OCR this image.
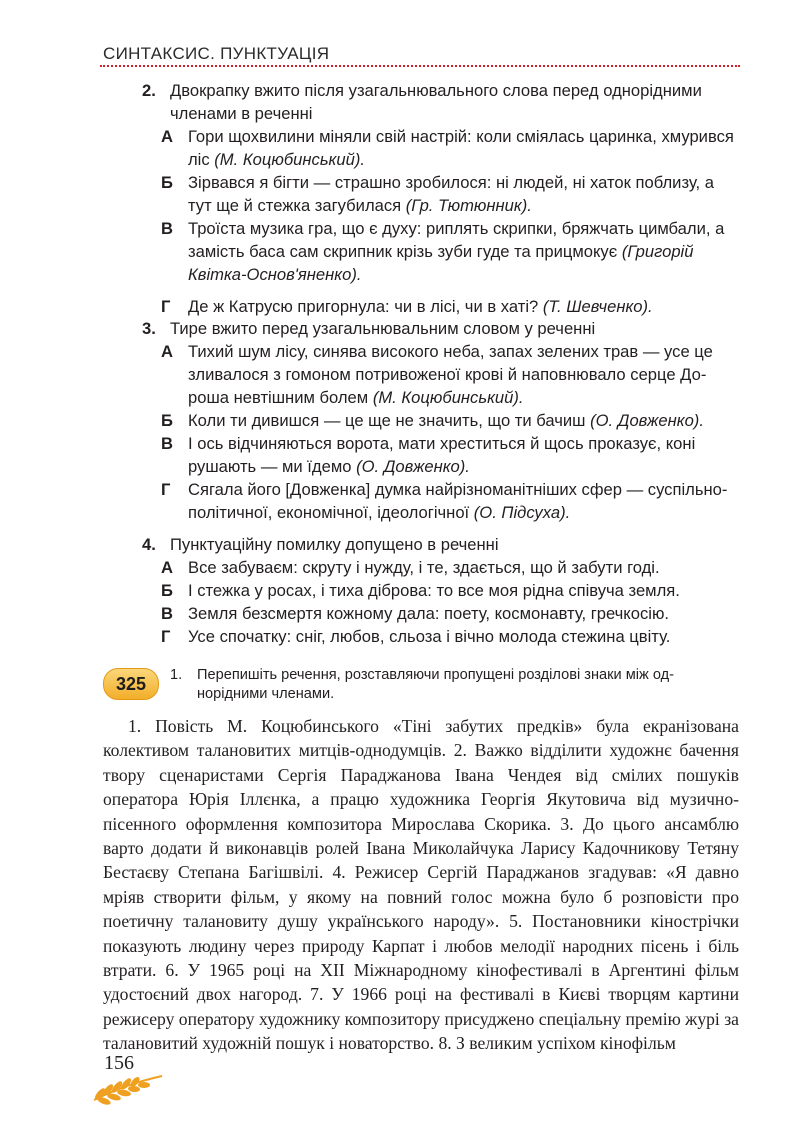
СИНТАКСИС. ПУНКТУАЦІЯ
2. Двокрапку вжито після узагальнювального слова перед однорідними членами в реченні
А Гори щохвилини міняли свій настрій: коли сміялась царинка, хмурився ліс (М. Коцюбинський).
Б Зірвався я бігти — страшно зробилося: ні людей, ні хаток поблизу, а тут ще й стежка загубилася (Гр. Тютюнник).
В Троїста музика гра, що є духу: риплять скрипки, бряжчать цимбали, а замість баса сам скрипник крізь зуби гуде та прицмокує (Григорій Квітка-Основ'яненко).
Г Де ж Катрусю пригорнула: чи в лісі, чи в хаті? (Т. Шевченко).
3. Тире вжито перед узагальнювальним словом у реченні
А Тихий шум лісу, синява високого неба, запах зелених трав — усе це зливалося з гомоном потривоженої крові й наповнювало серце Дороша невтішним болем (М. Коцюбинський).
Б Коли ти дивишся — це ще не значить, що ти бачиш (О. Довженко).
В І ось відчиняються ворота, мати хреститься й щось проказує, коні рушають — ми їдемо (О. Довженко).
Г Сягала його [Довженка] думка найрізноманітніших сфер — суспільно-політичної, економічної, ідеологічної (О. Підсуха).
4. Пунктуаційну помилку допущено в реченні
А Все забуваєм: скруту і нужду, і те, здається, що й забути годі.
Б І стежка у росах, і тиха діброва: то все моя рідна співуча земля.
В Земля безсмертя кожному дала: поету, космонавту, гречкосію.
Г Усе спочатку: сніг, любов, сльоза і вічно молода стежина цвіту.
325	1. Перепишіть речення, розставляючи пропущені розділові знаки між однорідними членами.
1. Повість М. Коцюбинського «Тіні забутих предків» була екранізована колективом талановитих митців-однодумців. 2. Важко відділити художнє бачення твору сценаристами Сергія Параджанова Івана Чендея від смілих пошуків оператора Юрія Іллєнка, а працю художника Георгія Якутовича від музично-пісенного оформлення композитора Мирослава Скорика. 3. До цього ансамблю варто додати й виконавців ролей Івана Миколайчука Ларису Кадочникову Тетяну Бестаєву Степана Багішвілі. 4. Режисер Сергій Параджанов згадував: «Я давно мріяв створити фільм, у якому на повний голос можна було б розповісти про поетичну талановиту душу українського народу». 5. Постановники кінострічки показують людину через природу Карпат і любов мелодії народних пісень і біль втрати. 6. У 1965 році на XII Міжнародному кінофестивалі в Аргентині фільм удостоєний двох нагород. 7. У 1966 році на фестивалі в Києві творцям картини режисеру оператору художнику композитору присуджено спеціальну премію журі за талановитий художній пошук і новаторство. 8. З великим успіхом кінофільм
156
